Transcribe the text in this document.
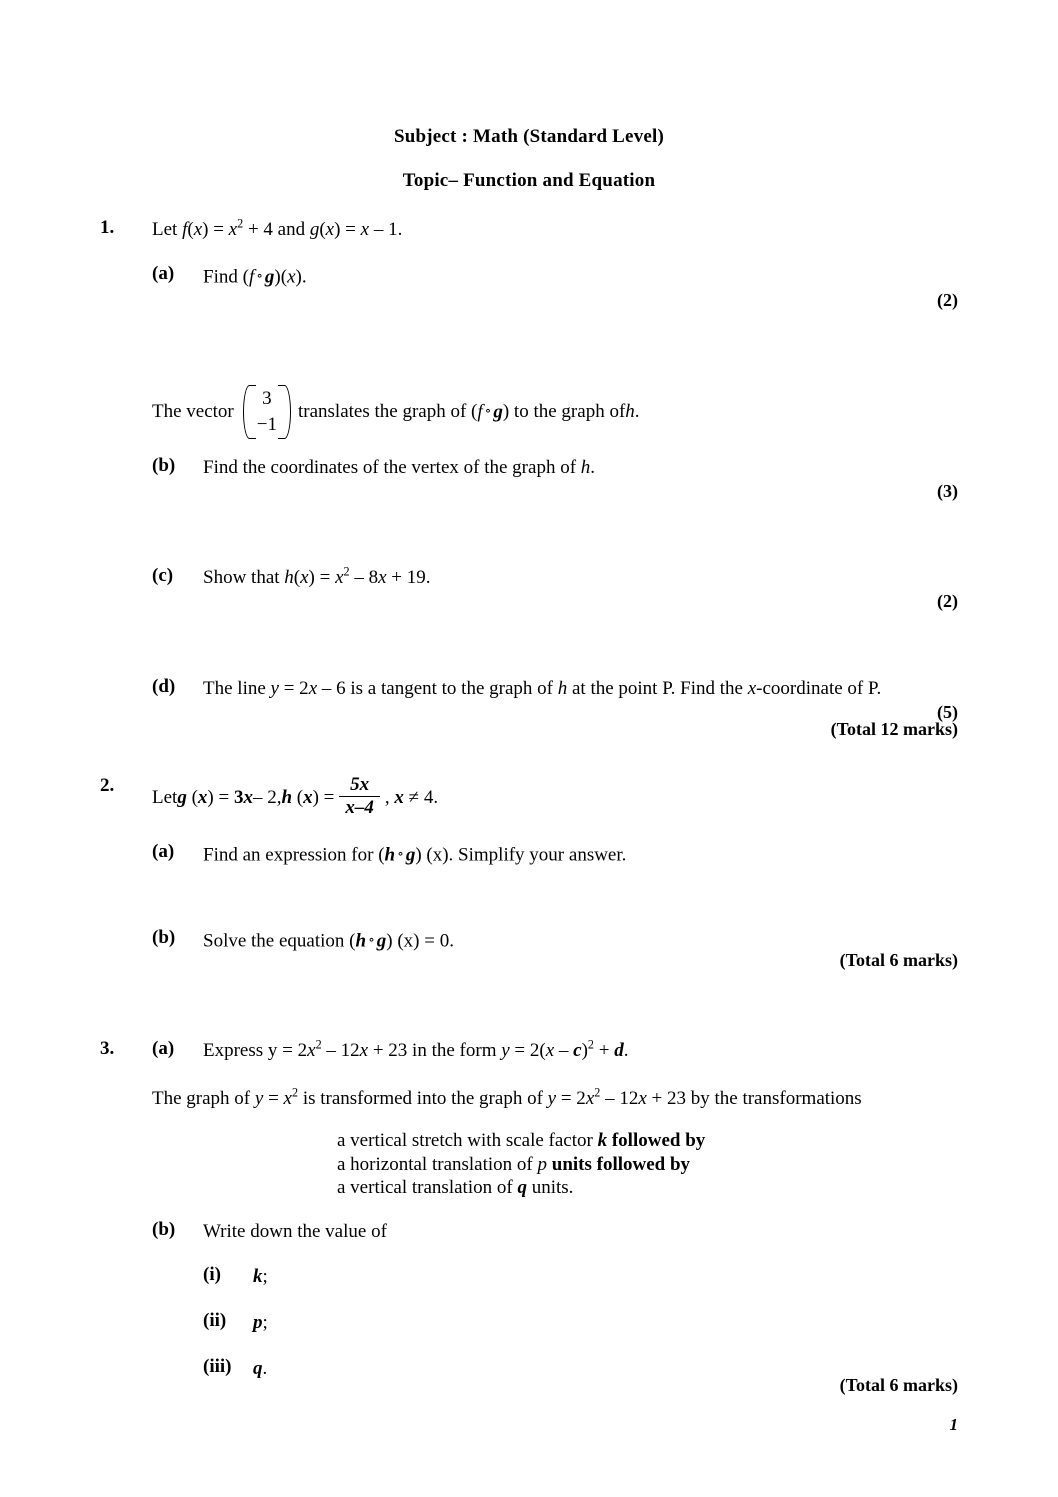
Subject : Math (Standard Level)
Topic– Function and Equation
1. Let $f(x) = x^2 + 4$ and g(x) = x – 1.
(a) Find (f ∘ g)(x).
(2)
The vector
3
−1
translates the graph of (f ∘ g) to the graph ofh.
(b) Find the coordinates of the vertex of the graph of h.
(3)
(c) Show that $h(x) = x^2 - 8x + 19$.
(2)
(d) The line y = 2x – 6 is a tangent to the graph of h at the point P. Find the x-coordinate of P.
(5)
(Total 12 marks)
2.
Letg (x) = 3x– 2,h $(x) = \frac{5x}{x-4}$ , x ≠ 4.
(a) Find an expression for (h ∘ g) (x). Simplify your answer.
(b) Solve the equation (h ∘ g) (x) = 0.
(Total 6 marks)
3. (a) Express $y = 2x^2 - 12x + 23$ in the form y = 2(x – c)$^2$ + d.
The graph of $y = x^2$ is transformed into the graph of $y = 2x^2 - 12x + 23$ by the transformations
a vertical stretch with scale factor k followed by
a horizontal translation of p units followed by
a vertical translation of q units.
(b) Write down the value of
(i) k;
(ii) p;
(iii) q.
(Total 6 marks)
1
